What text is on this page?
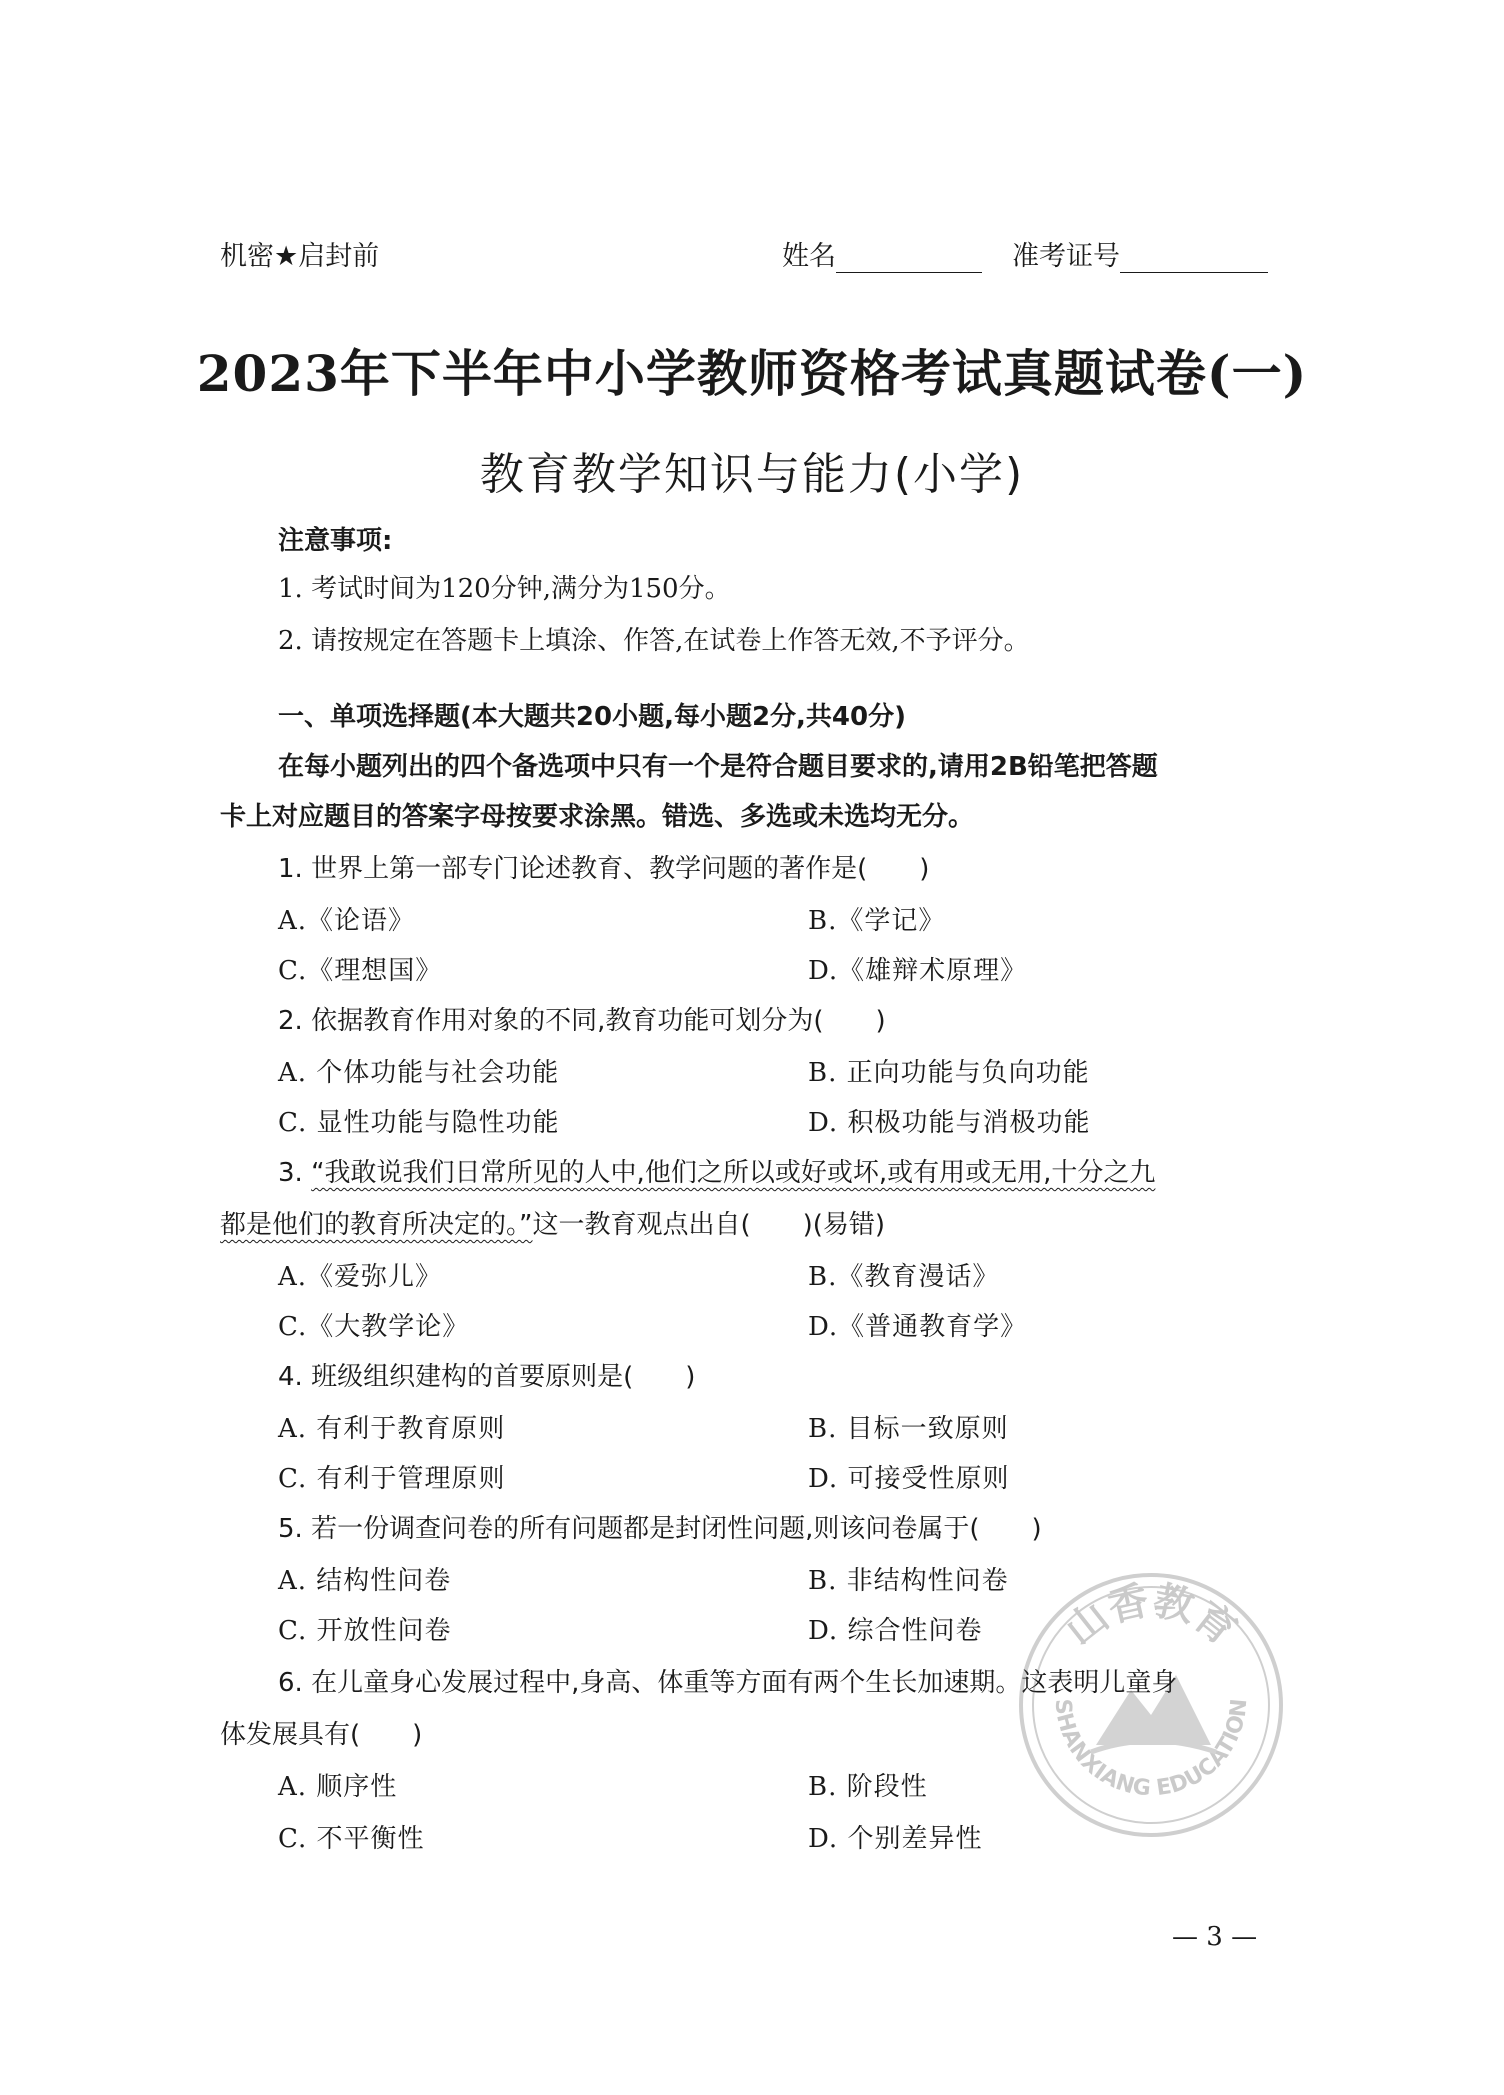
机密★启封前	姓名	准考证号
2023年下半年中小学教师资格考试真题试卷(一)
教育教学知识与能力(小学)
注意事项:
1. 考试时间为120分钟,满分为150分。
2. 请按规定在答题卡上填涂、作答,在试卷上作答无效,不予评分。
一、单项选择题(本大题共20小题,每小题2分,共40分)
在每小题列出的四个备选项中只有一个是符合题目要求的,请用2B铅笔把答题
卡上对应题目的答案字母按要求涂黑。错选、多选或未选均无分。
1. 世界上第一部专门论述教育、教学问题的著作是(　　)
A.《论语》	B.《学记》
C.《理想国》	D.《雄辩术原理》
2. 依据教育作用对象的不同,教育功能可划分为(　　)
A. 个体功能与社会功能	B. 正向功能与负向功能
C. 显性功能与隐性功能	D. 积极功能与消极功能
3. “我敢说我们日常所见的人中,他们之所以或好或坏,或有用或无用,十分之九
都是他们的教育所决定的。”这一教育观点出自(　　)(易错)
A.《爱弥儿》	B.《教育漫话》
C.《大教学论》	D.《普通教育学》
4. 班级组织建构的首要原则是(　　)
A. 有利于教育原则	B. 目标一致原则
C. 有利于管理原则	D. 可接受性原则
5. 若一份调查问卷的所有问题都是封闭性问题,则该问卷属于(　　)
A. 结构性问卷	B. 非结构性问卷
C. 开放性问卷	D. 综合性问卷
6. 在儿童身心发展过程中,身高、体重等方面有两个生长加速期。这表明儿童身
体发展具有(　　)
A. 顺序性	B. 阶段性
C. 不平衡性	D. 个别差异性
山香教育
SHANXIANG EDUCATION
— 3 —
